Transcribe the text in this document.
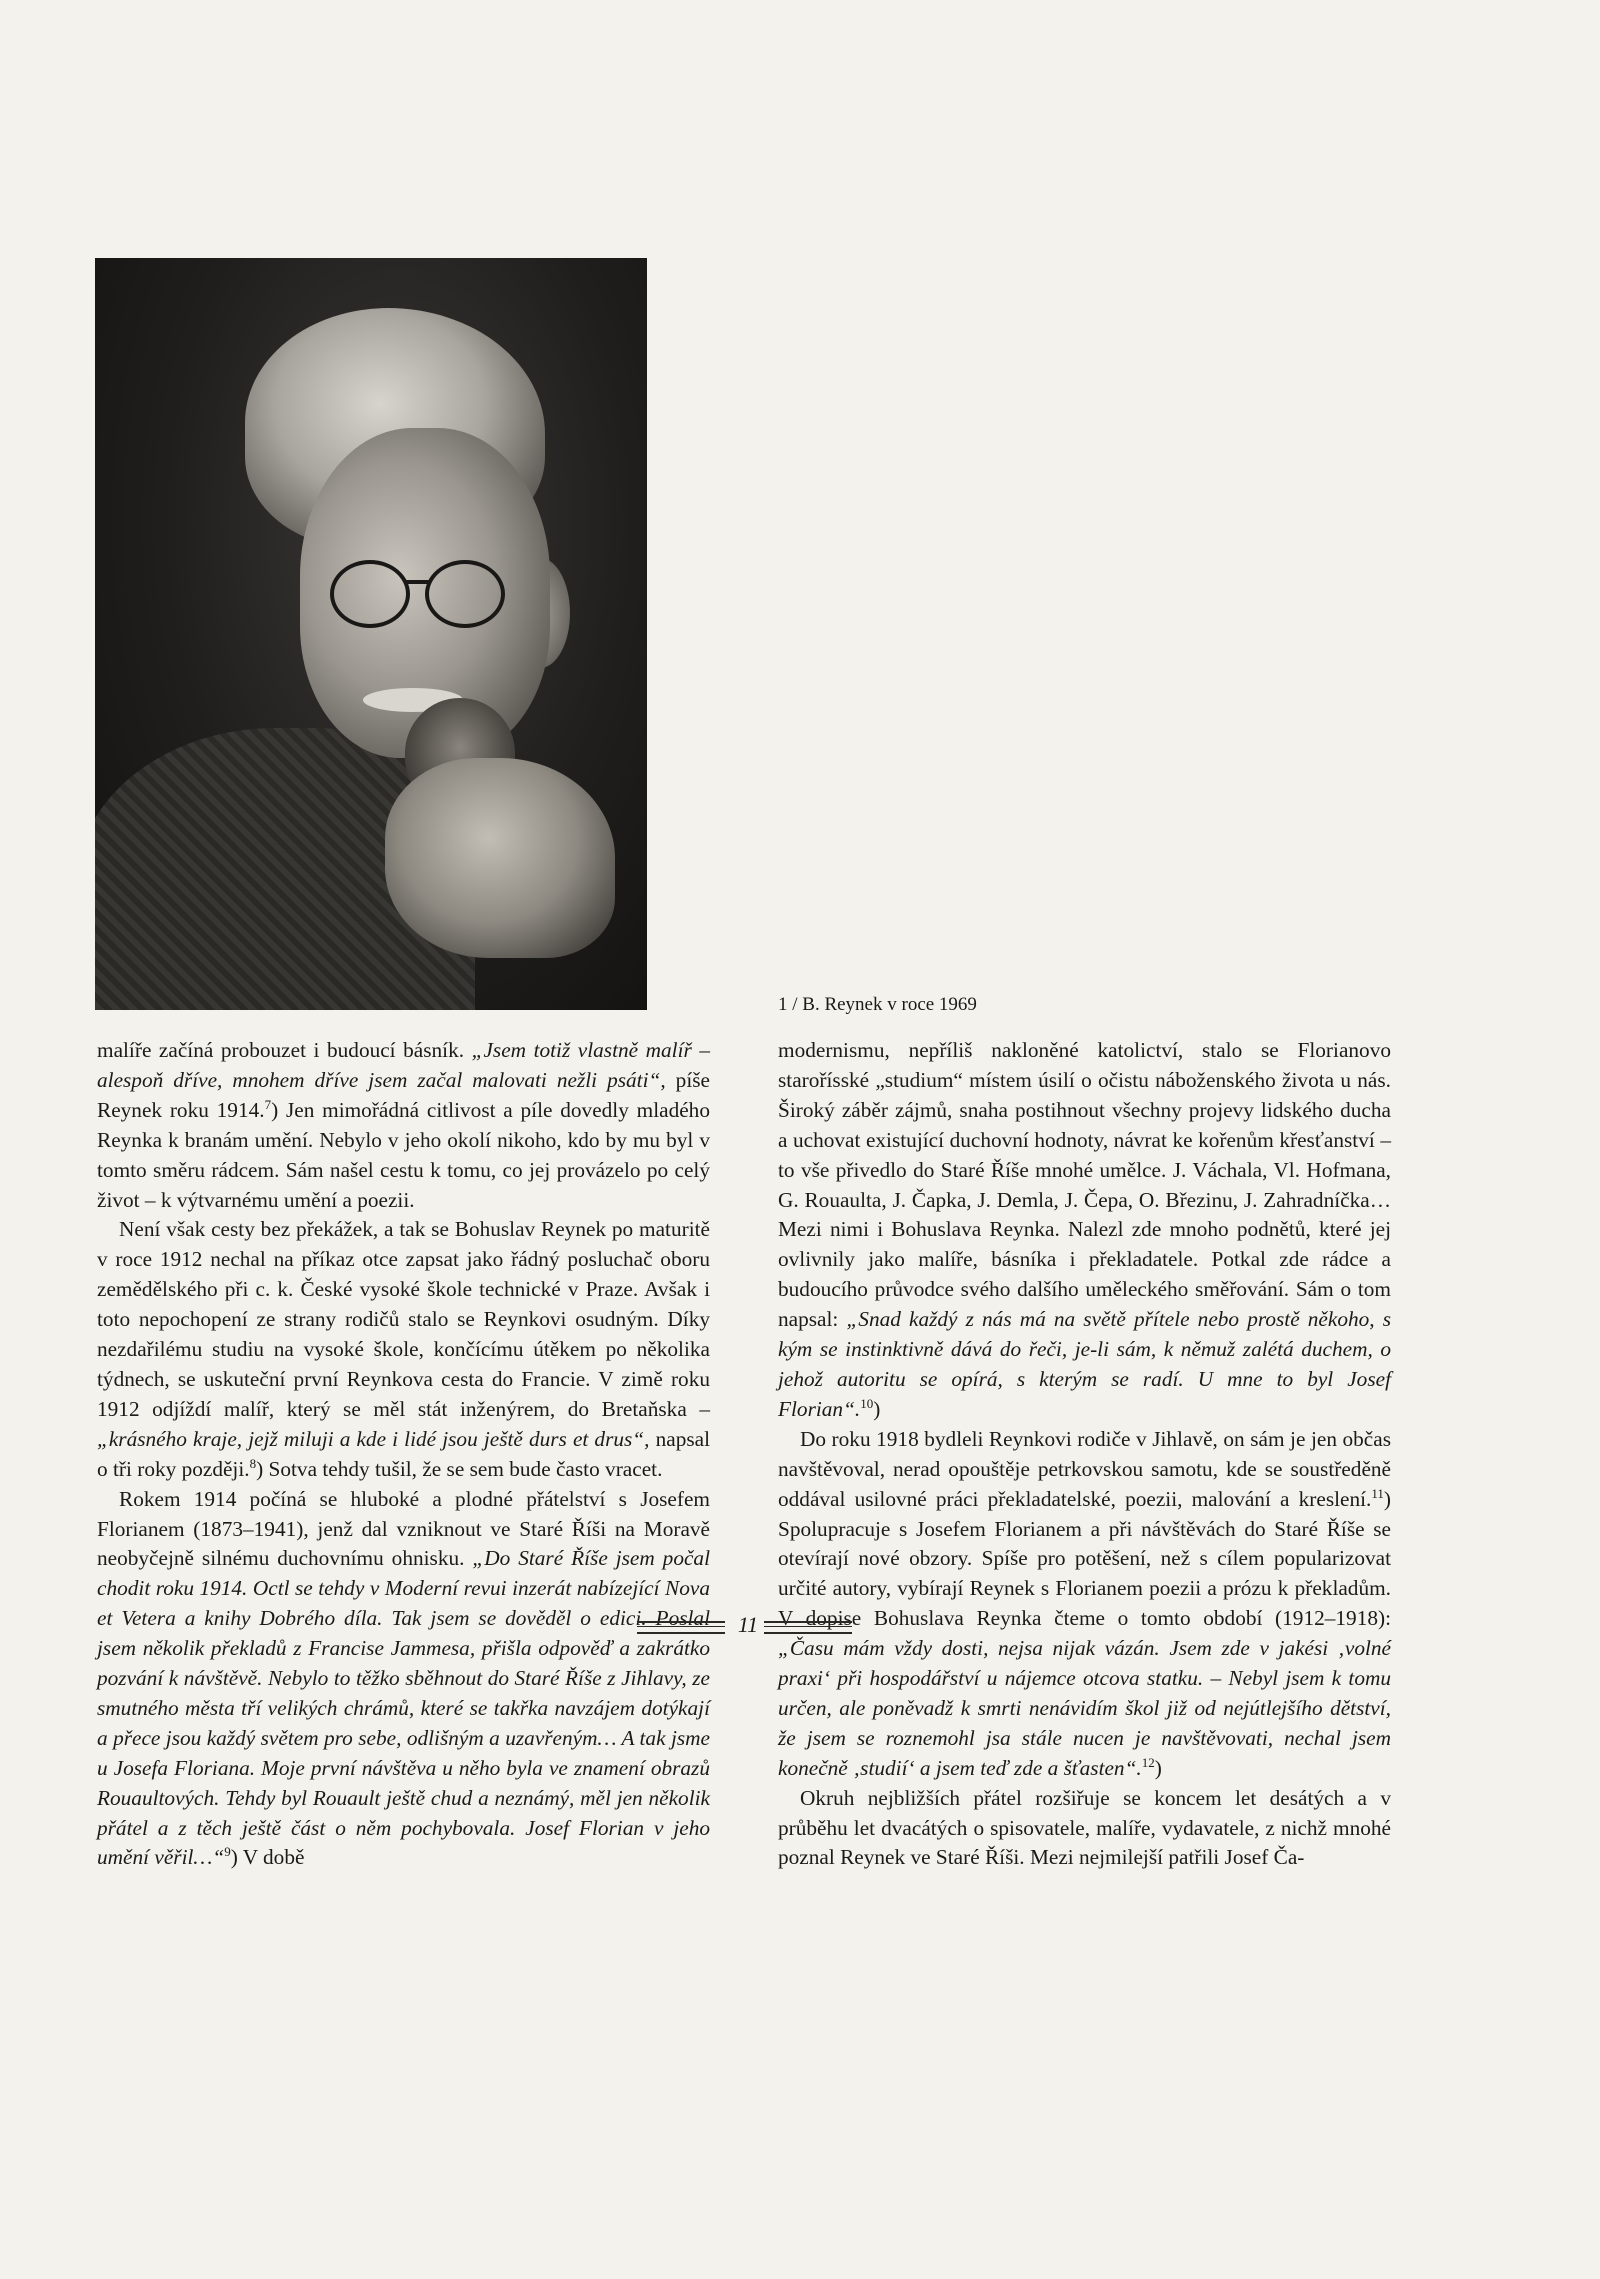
1 / B. Reynek v roce 1969

malíře začíná probouzet i budoucí básník. „Jsem totiž vlastně malíř – alespoň dříve, mnohem dříve jsem začal malovati nežli psáti“, píše Reynek roku 1914.$^7$) Jen mimořádná citlivost a píle dovedly mladého Reynka k branám umění. Nebylo v jeho okolí nikoho, kdo by mu byl v tomto směru rádcem. Sám našel cestu k tomu, co jej provázelo po celý život – k výtvarnému umění a poezii.

Není však cesty bez překážek, a tak se Bohuslav Reynek po maturitě v roce 1912 nechal na příkaz otce zapsat jako řádný posluchač oboru zemědělského při c. k. České vysoké škole technické v Praze. Avšak i toto nepochopení ze strany rodičů stalo se Reynkovi osudným. Díky nezdařilému studiu na vysoké škole, končícímu útěkem po několika týdnech, se uskuteční první Reynkova cesta do Francie. V zimě roku 1912 odjíždí malíř, který se měl stát inženýrem, do Bretaňska – „krásného kraje, jejž miluji a kde i lidé jsou ještě durs et drus“, napsal o tři roky později.$^8$) Sotva tehdy tušil, že se sem bude často vracet.

Rokem 1914 počíná se hluboké a plodné přátelství s Josefem Florianem (1873–1941), jenž dal vzniknout ve Staré Říši na Moravě neobyčejně silnému duchovnímu ohnisku. „Do Staré Říše jsem počal chodit roku 1914. Octl se tehdy v Moderní revui inzerát nabízející Nova et Vetera a knihy Dobrého díla. Tak jsem se dověděl o edici. Poslal jsem několik překladů z Francise Jammesa, přišla odpověď a zakrátko pozvání k návštěvě. Nebylo to těžko sběhnout do Staré Říše z Jihlavy, ze smutného města tří velikých chrámů, které se takřka navzájem dotýkají a přece jsou každý světem pro sebe, odlišným a uzavřeným… A tak jsme u Josefa Floriana. Moje první návštěva u něho byla ve znamení obrazů Rouaultových. Tehdy byl Rouault ještě chud a neznámý, měl jen několik přátel a z těch ještě část o něm pochybovala. Josef Florian v jeho umění věřil…“$^9$) V době

modernismu, nepříliš nakloněné katolictví, stalo se Florianovo starořísské „studium“ místem úsilí o očistu náboženského života u nás. Široký záběr zájmů, snaha postihnout všechny projevy lidského ducha a uchovat existující duchovní hodnoty, návrat ke kořenům křesťanství – to vše přivedlo do Staré Říše mnohé umělce. J. Váchala, Vl. Hofmana, G. Rouaulta, J. Čapka, J. Demla, J. Čepa, O. Březinu, J. Zahradníčka… Mezi nimi i Bohuslava Reynka. Nalezl zde mnoho podnětů, které jej ovlivnily jako malíře, básníka i překladatele. Potkal zde rádce a budoucího průvodce svého dalšího uměleckého směřování. Sám o tom napsal: „Snad každý z nás má na světě přítele nebo prostě někoho, s kým se instinktivně dává do řeči, je-li sám, k němuž zalétá duchem, o jehož autoritu se opírá, s kterým se radí. U mne to byl Josef Florian“.$^{10}$)

Do roku 1918 bydleli Reynkovi rodiče v Jihlavě, on sám je jen občas navštěvoval, nerad opouštěje petrkovskou samotu, kde se soustředěně oddával usilovné práci překladatelské, poezii, malování a kreslení.$^{11}$) Spolupracuje s Josefem Florianem a při návštěvách do Staré Říše se otevírají nové obzory. Spíše pro potěšení, než s cílem popularizovat určité autory, vybírají Reynek s Florianem poezii a prózu k překladům. V dopise Bohuslava Reynka čteme o tomto období (1912–1918): „Času mám vždy dosti, nejsa nijak vázán. Jsem zde v jakési ‚volné praxi‘ při hospodářství u nájemce otcova statku. – Nebyl jsem k tomu určen, ale poněvadž k smrti nenávidím škol již od nejútlejšího dětství, že jsem se roznemohl jsa stále nucen je navštěvovati, nechal jsem konečně ‚studií‘ a jsem teď zde a šťasten“.$^{12}$)

Okruh nejbližších přátel rozšiřuje se koncem let desátých a v průběhu let dvacátých o spisovatele, malíře, vydavatele, z nichž mnohé poznal Reynek ve Staré Říši. Mezi nejmilejší patřili Josef Ča-

11
